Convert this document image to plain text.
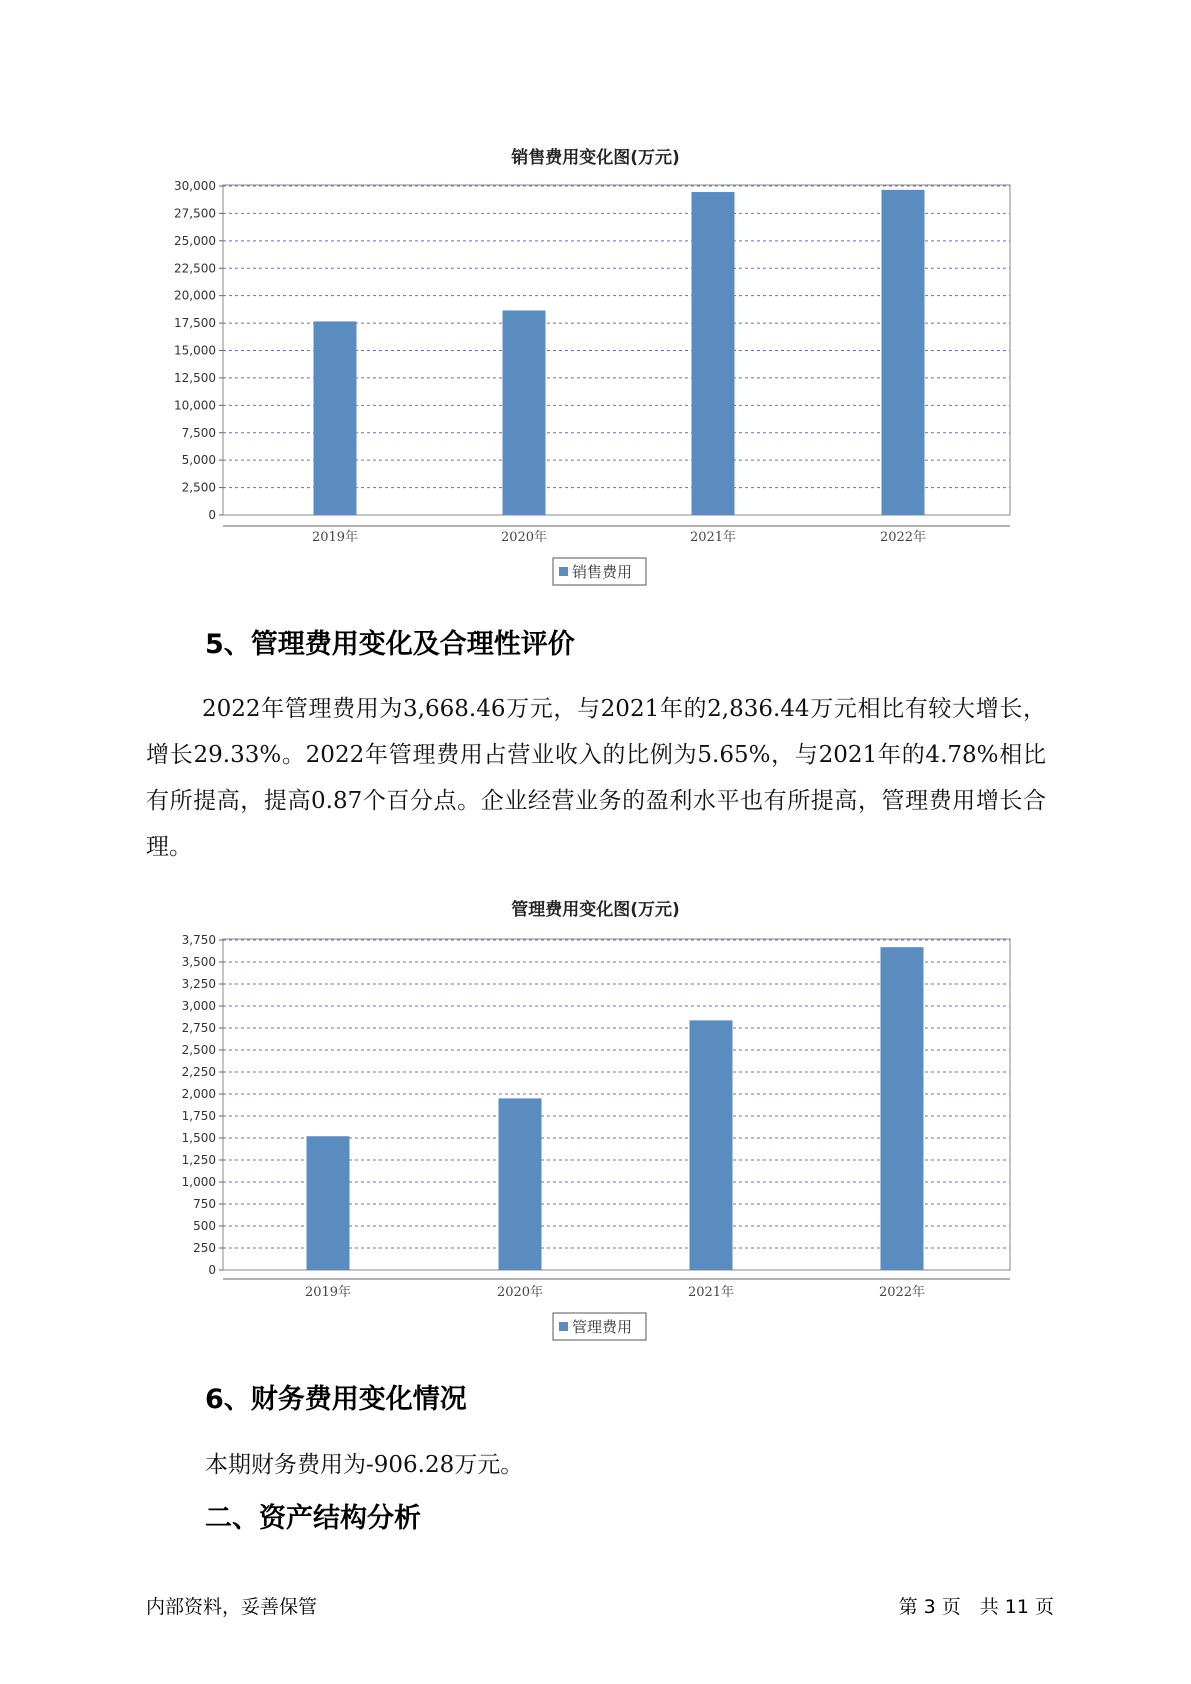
销售费用变化图(万元)
0
2,500
5,000
7,500
10,000
12,500
15,000
17,500
20,000
22,500
25,000
27,500
30,000
2019年	2020年	2021年	2022年
销售费用
5、管理费用变化及合理性评价
2022年管理费用为3,668.46万元，与2021年的2,836.44万元相比有较大增长，增长29.33%。2022年管理费用占营业收入的比例为5.65%，与2021年的4.78%相比有所提高，提高0.87个百分点。企业经营业务的盈利水平也有所提高，管理费用增长合理。
管理费用变化图(万元)
0
250
500
750
1,000
1,250
1,500
1,750
2,000
2,250
2,500
2,750
3,000
3,250
3,500
3,750
2019年	2020年	2021年	2022年
管理费用
6、财务费用变化情况
本期财务费用为-906.28万元。
二、资产结构分析
内部资料，妥善保管	第 3 页　共 11 页
